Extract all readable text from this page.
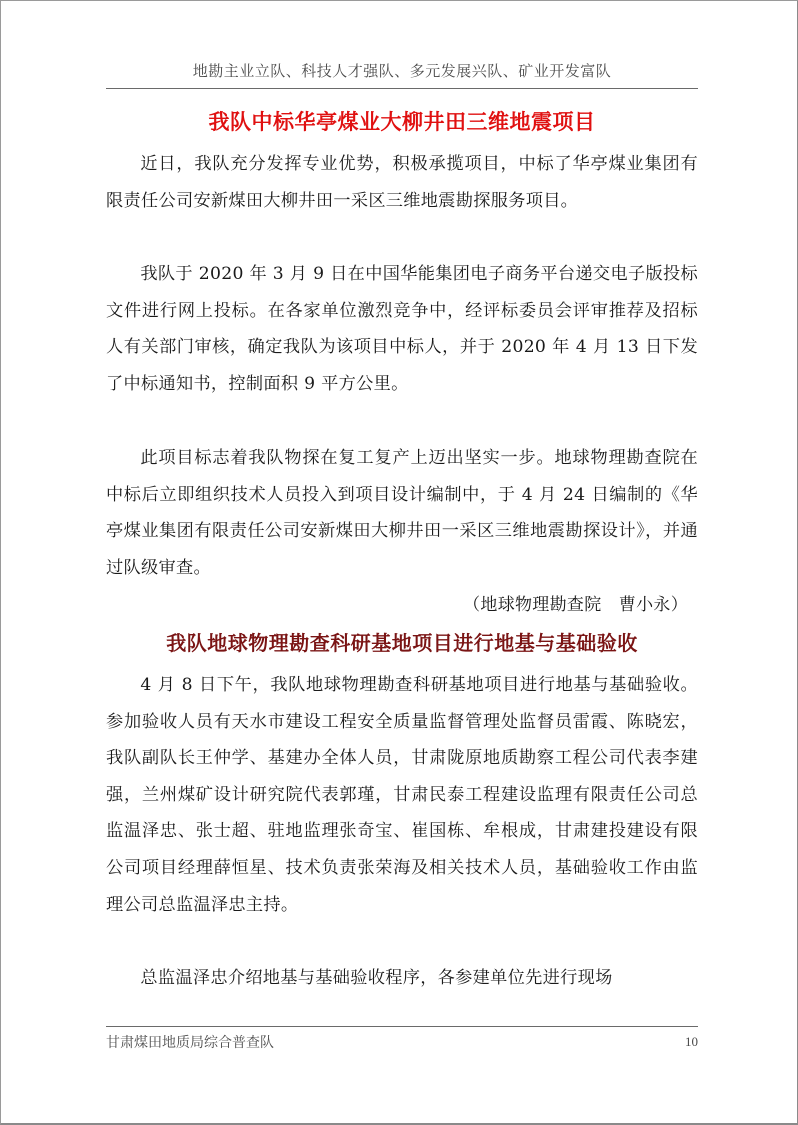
地勘主业立队、科技人才强队、多元发展兴队、矿业开发富队
我队中标华亭煤业大柳井田三维地震项目

近日，我队充分发挥专业优势，积极承揽项目，中标了华亭煤业集团有限责任公司安新煤田大柳井田一采区三维地震勘探服务项目。

我队于 2020 年 3 月 9 日在中国华能集团电子商务平台递交电子版投标文件进行网上投标。在各家单位激烈竞争中，经评标委员会评审推荐及招标人有关部门审核，确定我队为该项目中标人，并于 2020 年 4 月 13 日下发了中标通知书，控制面积 9 平方公里。

此项目标志着我队物探在复工复产上迈出坚实一步。地球物理勘查院在中标后立即组织技术人员投入到项目设计编制中，于 4 月 24 日编制的《华亭煤业集团有限责任公司安新煤田大柳井田一采区三维地震勘探设计》，并通过队级审查。

（地球物理勘查院　曹小永）

我队地球物理勘查科研基地项目进行地基与基础验收

4 月 8 日下午，我队地球物理勘查科研基地项目进行地基与基础验收。参加验收人员有天水市建设工程安全质量监督管理处监督员雷霞、陈晓宏，我队副队长王仲学、基建办全体人员，甘肃陇原地质勘察工程公司代表李建强，兰州煤矿设计研究院代表郭瑾，甘肃民泰工程建设监理有限责任公司总监温泽忠、张士超、驻地监理张奇宝、崔国栋、牟根成，甘肃建投建设有限公司项目经理薛恒星、技术负责张荣海及相关技术人员，基础验收工作由监理公司总监温泽忠主持。

总监温泽忠介绍地基与基础验收程序，各参建单位先进行现场

甘肃煤田地质局综合普查队	10
